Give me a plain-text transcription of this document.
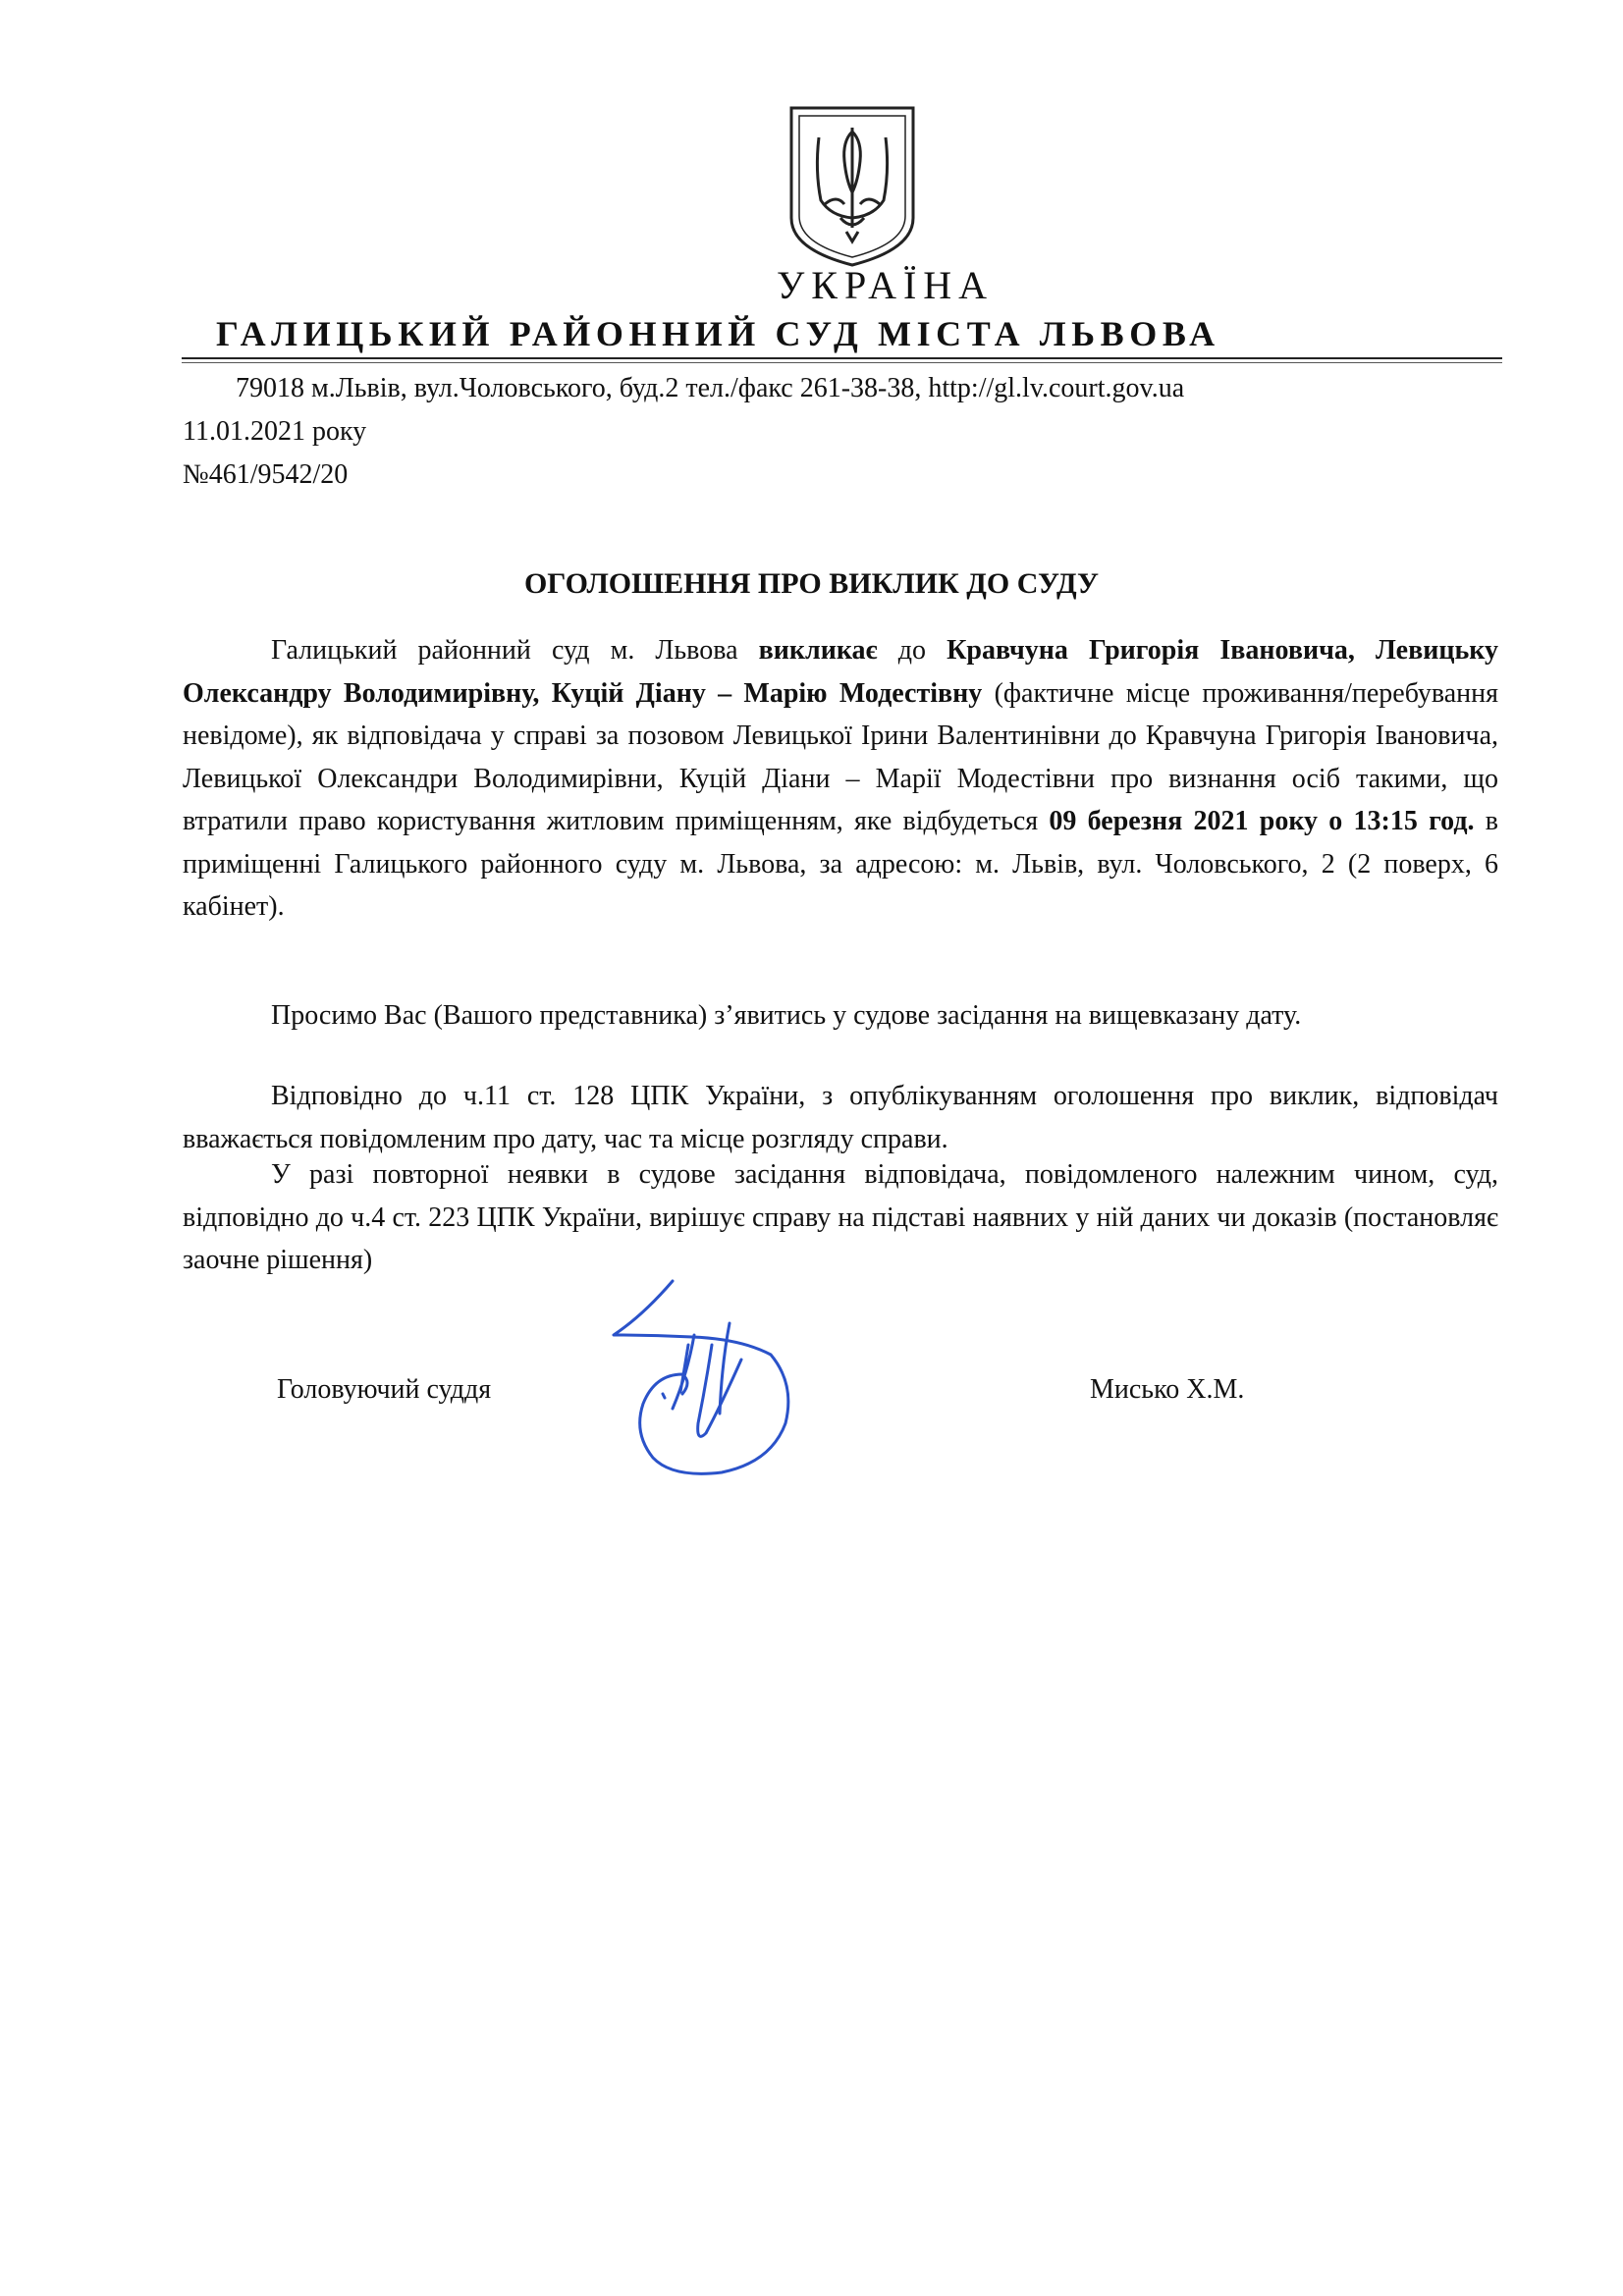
УКРАЇНА
ГАЛИЦЬКИЙ РАЙОННИЙ СУД МІСТА ЛЬВОВА
79018 м.Львів, вул.Чоловського, буд.2 тел./факс 261-38-38, http://gl.lv.court.gov.ua
11.01.2021 року
№461/9542/20
ОГОЛОШЕННЯ ПРО ВИКЛИК ДО СУДУ

Галицький районний суд м. Львова викликає до Кравчуна Григорія Івановича, Левицьку Олександру Володимирівну, Куцій Діану – Марію Модестівну (фактичне місце проживання/перебування невідоме), як відповідача у справі за позовом Левицької Ірини Валентинівни до Кравчуна Григорія Івановича, Левицької Олександри Володимирівни, Куцій Діани – Марії Модестівни про визнання осіб такими, що втратили право користування житловим приміщенням, яке відбудеться 09 березня 2021 року о 13:15 год. в приміщенні Галицького районного суду м. Львова, за адресою: м. Львів, вул. Чоловського, 2 (2 поверх, 6 кабінет).

Просимо Вас (Вашого представника) з’явитись у судове засідання на вищевказану дату.

Відповідно до ч.11 ст. 128 ЦПК України, з опублікуванням оголошення про виклик, відповідач вважається повідомленим про дату, час та місце розгляду справи.

У разі повторної неявки в судове засідання відповідача, повідомленого належним чином, суд, відповідно до ч.4 ст. 223 ЦПК України, вирішує справу на підставі наявних у ній даних чи доказів (постановляє заочне рішення)

Головуючий суддя	Мисько Х.М.
